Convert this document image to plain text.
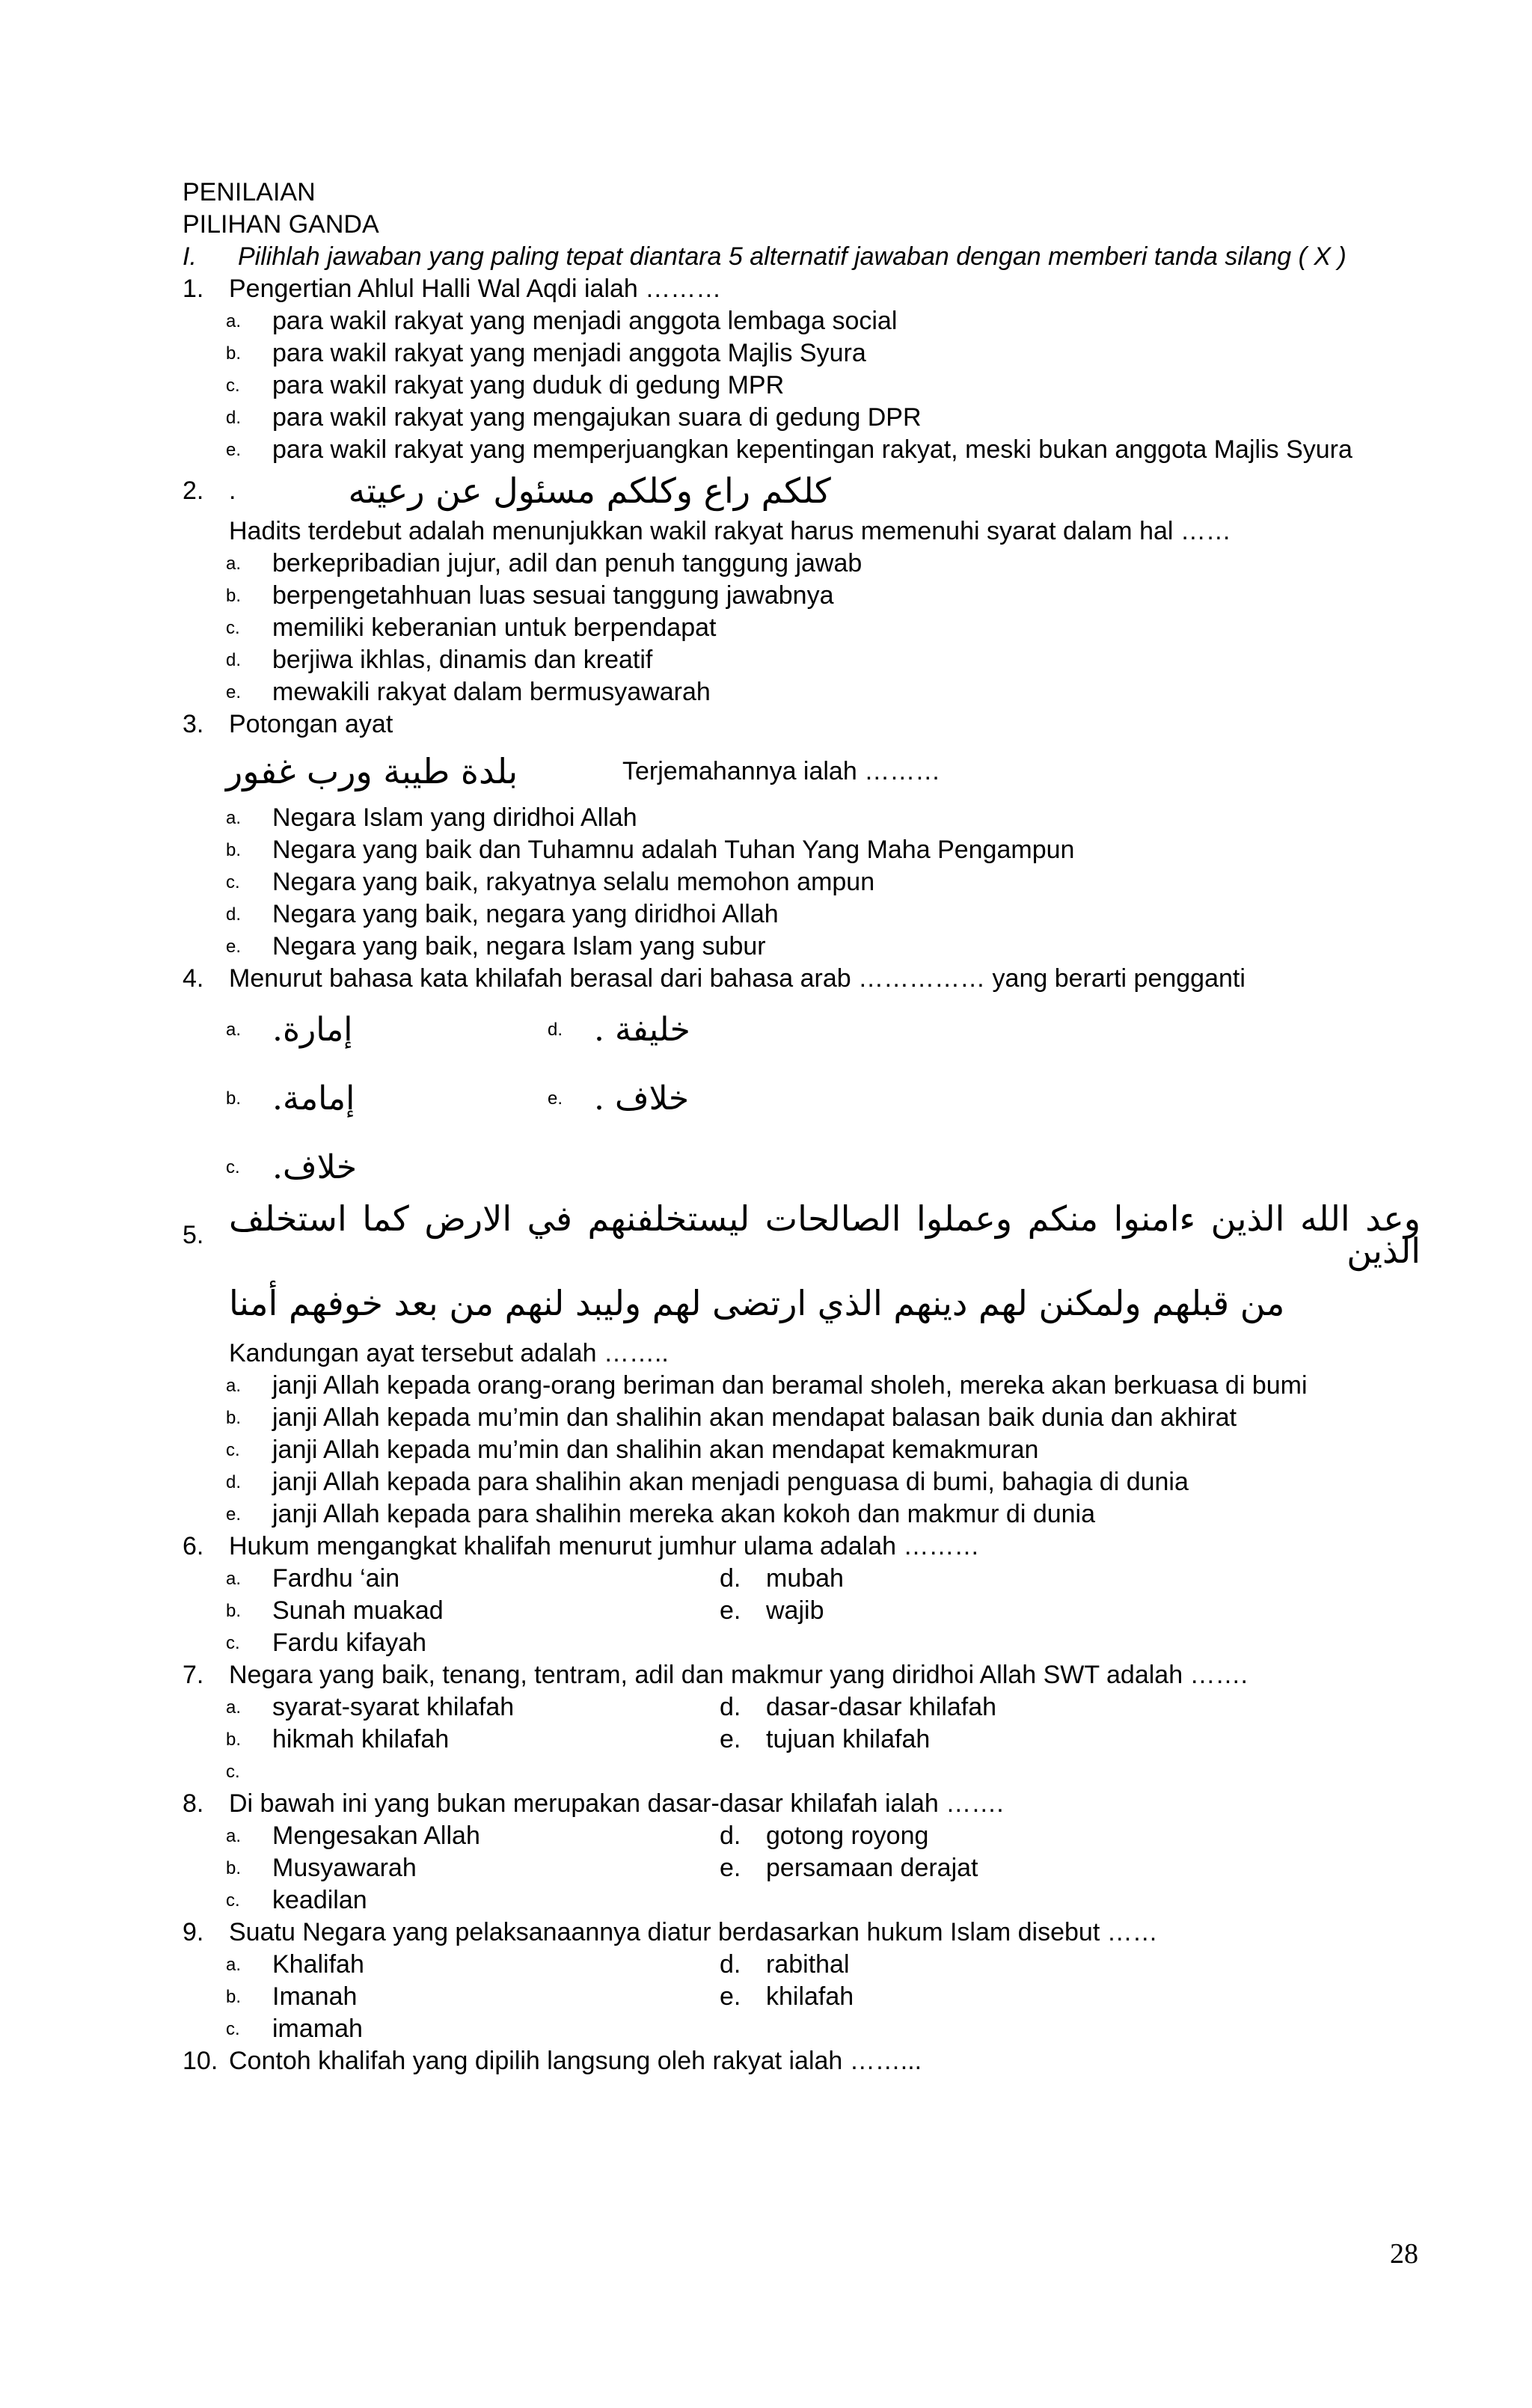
PENILAIAN
PILIHAN GANDA
I.	Pilihlah jawaban yang paling tepat diantara 5 alternatif jawaban dengan memberi tanda silang ( X )
1. Pengertian Ahlul Halli Wal Aqdi ialah ………
a.	para wakil rakyat yang menjadi anggota lembaga social
b.	para wakil rakyat yang menjadi anggota Majlis Syura
c.	para wakil rakyat yang duduk di gedung MPR
d.	para wakil rakyat yang mengajukan suara di gedung DPR
e.	para wakil rakyat yang memperjuangkan kepentingan rakyat, meski bukan anggota Majlis Syura
2. .	كلكم راع وكلكم مسئول عن رعيته
Hadits terdebut adalah menunjukkan wakil rakyat harus memenuhi syarat dalam hal ……
a.	berkepribadian jujur, adil dan penuh tanggung jawab
b.	berpengetahhuan luas sesuai tanggung jawabnya
c.	memiliki keberanian untuk berpendapat
d.	berjiwa ikhlas, dinamis dan kreatif
e.	mewakili rakyat dalam bermusyawarah
3. Potongan ayat
بلدة طيبة ورب غفور	Terjemahannya ialah ………
a.	Negara Islam yang diridhoi Allah
b.	Negara yang baik dan Tuhamnu adalah Tuhan Yang Maha Pengampun
c.	Negara yang baik, rakyatnya selalu memohon ampun
d.	Negara yang baik, negara yang diridhoi Allah
e.	Negara yang baik, negara Islam yang subur
4. Menurut bahasa kata khilafah berasal dari bahasa arab …………… yang berarti pengganti
a. إمارة.	d. خليفة .
b. إمامة.	e. خلاف .
c. خلاف.
5. وعد الله الذين ءامنوا منكم وعملوا الصالحات ليستخلفنهم في الارض كما استخلف الذين
من قبلهم ولمكنن لهم دينهم الذي ارتضى لهم وليبد لنهم من بعد خوفهم أمنا
Kandungan ayat tersebut adalah ……..
a.	janji Allah kepada orang-orang beriman dan beramal sholeh, mereka akan berkuasa di bumi
b.	janji Allah kepada mu’min dan shalihin akan mendapat balasan baik dunia dan akhirat
c.	janji Allah kepada mu’min dan shalihin akan mendapat kemakmuran
d.	janji Allah kepada para shalihin akan menjadi penguasa di bumi, bahagia di dunia
e.	janji Allah kepada para shalihin mereka akan kokoh dan makmur di dunia
6. Hukum mengangkat khalifah menurut jumhur ulama adalah ………
a.	Fardhu ‘ain	d. mubah
b.	Sunah muakad	e. wajib
c.	Fardu kifayah
7. Negara yang baik, tenang, tentram, adil dan makmur yang diridhoi Allah SWT adalah …….
a.	syarat-syarat khilafah	d. dasar-dasar khilafah
b.	hikmah khilafah	e. tujuan khilafah
c.
8. Di bawah ini yang bukan merupakan dasar-dasar khilafah ialah …….
a.	Mengesakan Allah	d. gotong royong
b.	Musyawarah	e. persamaan derajat
c.	keadilan
9. Suatu Negara yang pelaksanaannya diatur berdasarkan hukum Islam disebut ……
a.	Khalifah	d. rabithal
b.	Imanah	e. khilafah
c.	imamah
10. Contoh khalifah yang dipilih langsung oleh rakyat ialah ……...
28
